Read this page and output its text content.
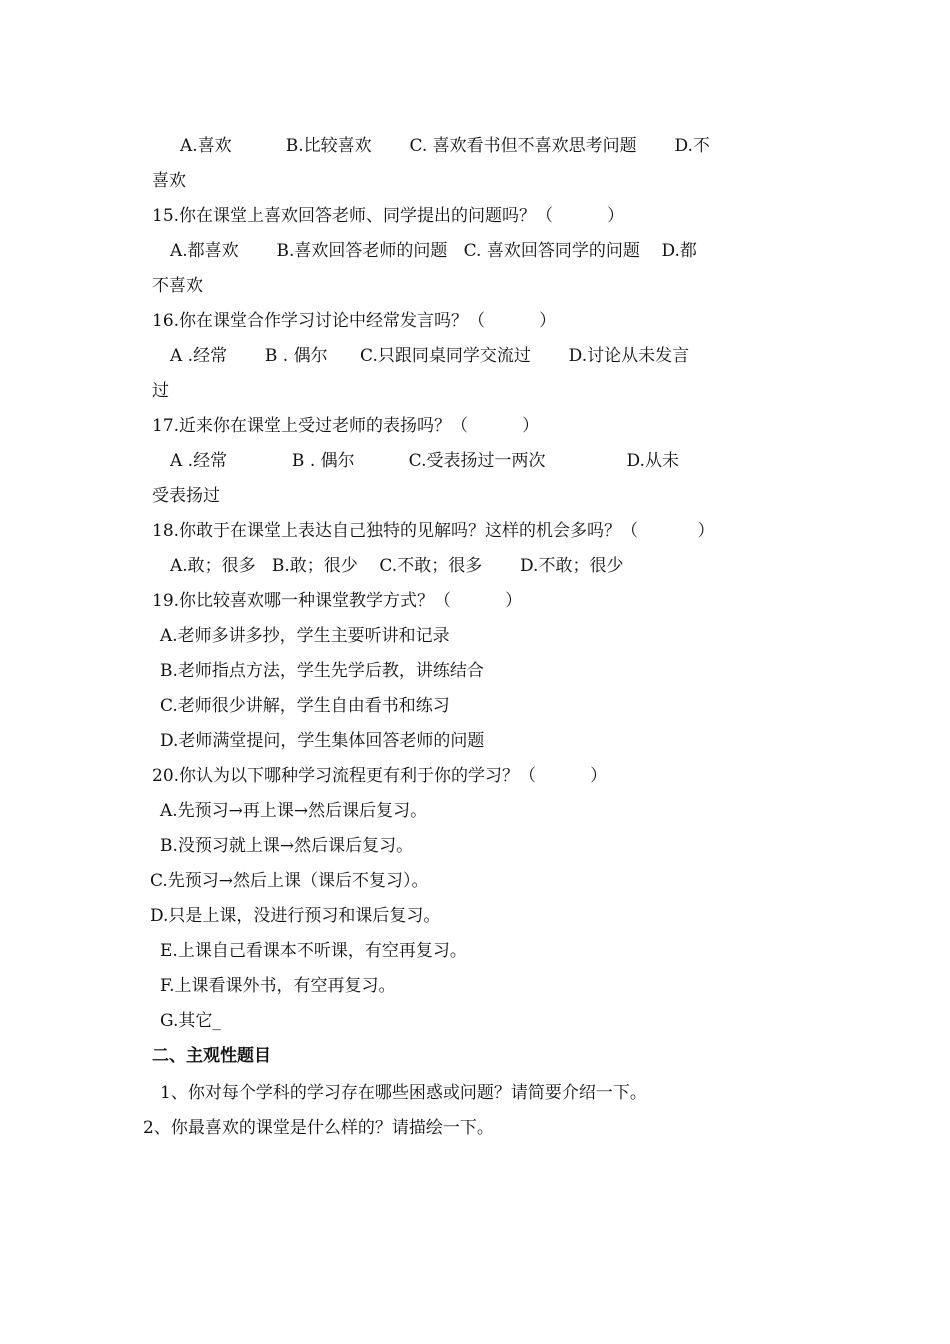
A.喜欢          B.比较喜欢       C. 喜欢看书但不喜欢思考问题       D.不
喜欢
15.你在课堂上喜欢回答老师、同学提出的问题吗？（          ）
A.都喜欢       B.喜欢回答老师的问题   C. 喜欢回答同学的问题    D.都
不喜欢
16.你在课堂合作学习讨论中经常发言吗？（          ）
A .经常       B . 偶尔      C.只跟同桌同学交流过       D.讨论从未发言
过
17.近来你在课堂上受过老师的表扬吗？（          ）
A .经常            B . 偶尔          C.受表扬过一两次               D.从未
受表扬过
18.你敢于在课堂上表达自己独特的见解吗？这样的机会多吗？（           ）
A.敢；很多   B.敢；很少    C.不敢；很多       D.不敢；很少
19.你比较喜欢哪一种课堂教学方式？（          ）
A.老师多讲多抄，学生主要听讲和记录
B.老师指点方法，学生先学后教，讲练结合
C.老师很少讲解，学生自由看书和练习
D.老师满堂提问，学生集体回答老师的问题
20.你认为以下哪种学习流程更有利于你的学习？（          ）
A.先预习→再上课→然后课后复习。
B.没预习就上课→然后课后复习。
C.先预习→然后上课（课后不复习）。
D.只是上课，没进行预习和课后复习。
E.上课自己看课本不听课，有空再复习。
F.上课看课外书，有空再复习。
G.其它_
二、主观性题目
1、你对每个学科的学习存在哪些困惑或问题？请简要介绍一下。
2、你最喜欢的课堂是什么样的？请描绘一下。
